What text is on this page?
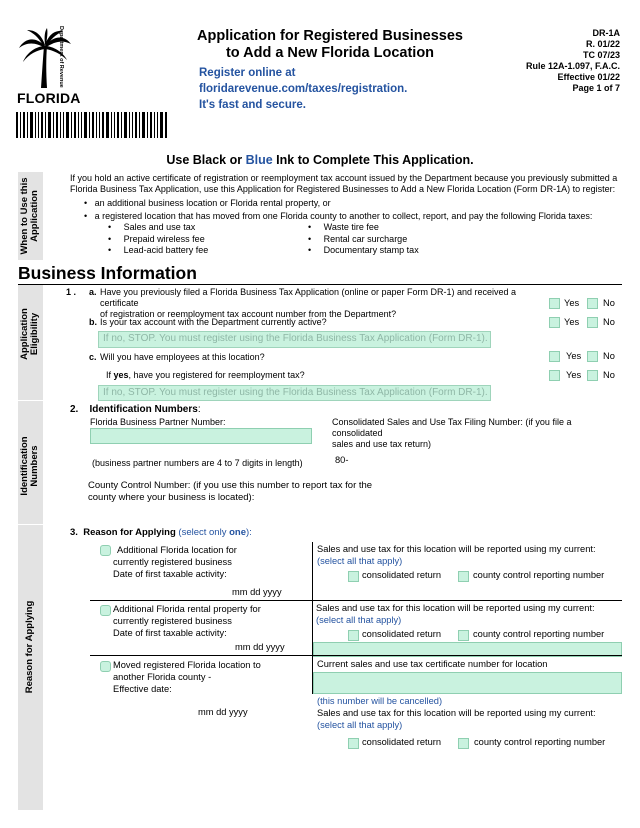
FLORIDA
Department of Revenue	Application for Registered Businesses
to Add a New Florida Location
Register online at
floridarevenue.com/taxes/registration.
It's fast and secure.
DR-1A
R. 01/22
TC 07/23
Rule 12A-1.097, F.A.C.
Effective 01/22
Page 1 of 7
Use Black or Blue Ink to Complete This Application.
When to Use this Application
If you hold an active certificate of registration or reemployment tax account issued by the Department because you previously submitted a Florida Business Tax Application, use this Application for Registered Businesses to Add a New Florida Location (Form DR-1A) to register:
•   an additional business location or Florida rental property, or
•   a registered location that has moved from one Florida county to another to collect, report, and pay the following Florida taxes:
•     Sales and use tax
•     Prepaid wireless fee
•     Lead-acid battery fee
•     Waste tire fee
•     Rental car surcharge
•     Documentary stamp tax
Business Information
Application Eligibility
1 . a. Have you previously filed a Florida Business Tax Application (online or paper Form DR-1) and received a certificate
of registration or reemployment tax account number from the Department?
Yes	No
b. Is your tax account with the Department currently active?	Yes	No
If no, STOP. You must register using the Florida Business Tax Application (Form DR-1).
c. Will you have employees at this location?	Yes No
If yes, have you registered for reemployment tax?	Yes No
If no, STOP. You must register using the Florida Business Tax Application (Form DR-1).
Identification Numbers
2. Identification Numbers:
Florida Business Partner Number:
(business partner numbers are 4 to 7 digits in length)
Consolidated Sales and Use Tax Filing Number: (if you file a consolidated
sales and use tax return)
80-
County Control Number: (if you use this number to report tax for the
county where your business is located):
Reason for Applying
3. Reason for Applying (select only one):
Additional Florida location for
currently registered business
Date of first taxable activity:
mm dd yyyy
Sales and use tax for this location will be reported using my current:
(select all that apply)
consolidated return	county control reporting number
Additional Florida rental property for
currently registered business
Date of first taxable activity:
mm dd yyyy
Sales and use tax for this location will be reported using my current:
(select all that apply)
consolidated return	county control reporting number
Moved registered Florida location to
another Florida county -
Effective date:
mm dd yyyy
Current sales and use tax certificate number for location
(this number will be cancelled)
Sales and use tax for this location will be reported using my current:
(select all that apply)
consolidated return	county control reporting number
